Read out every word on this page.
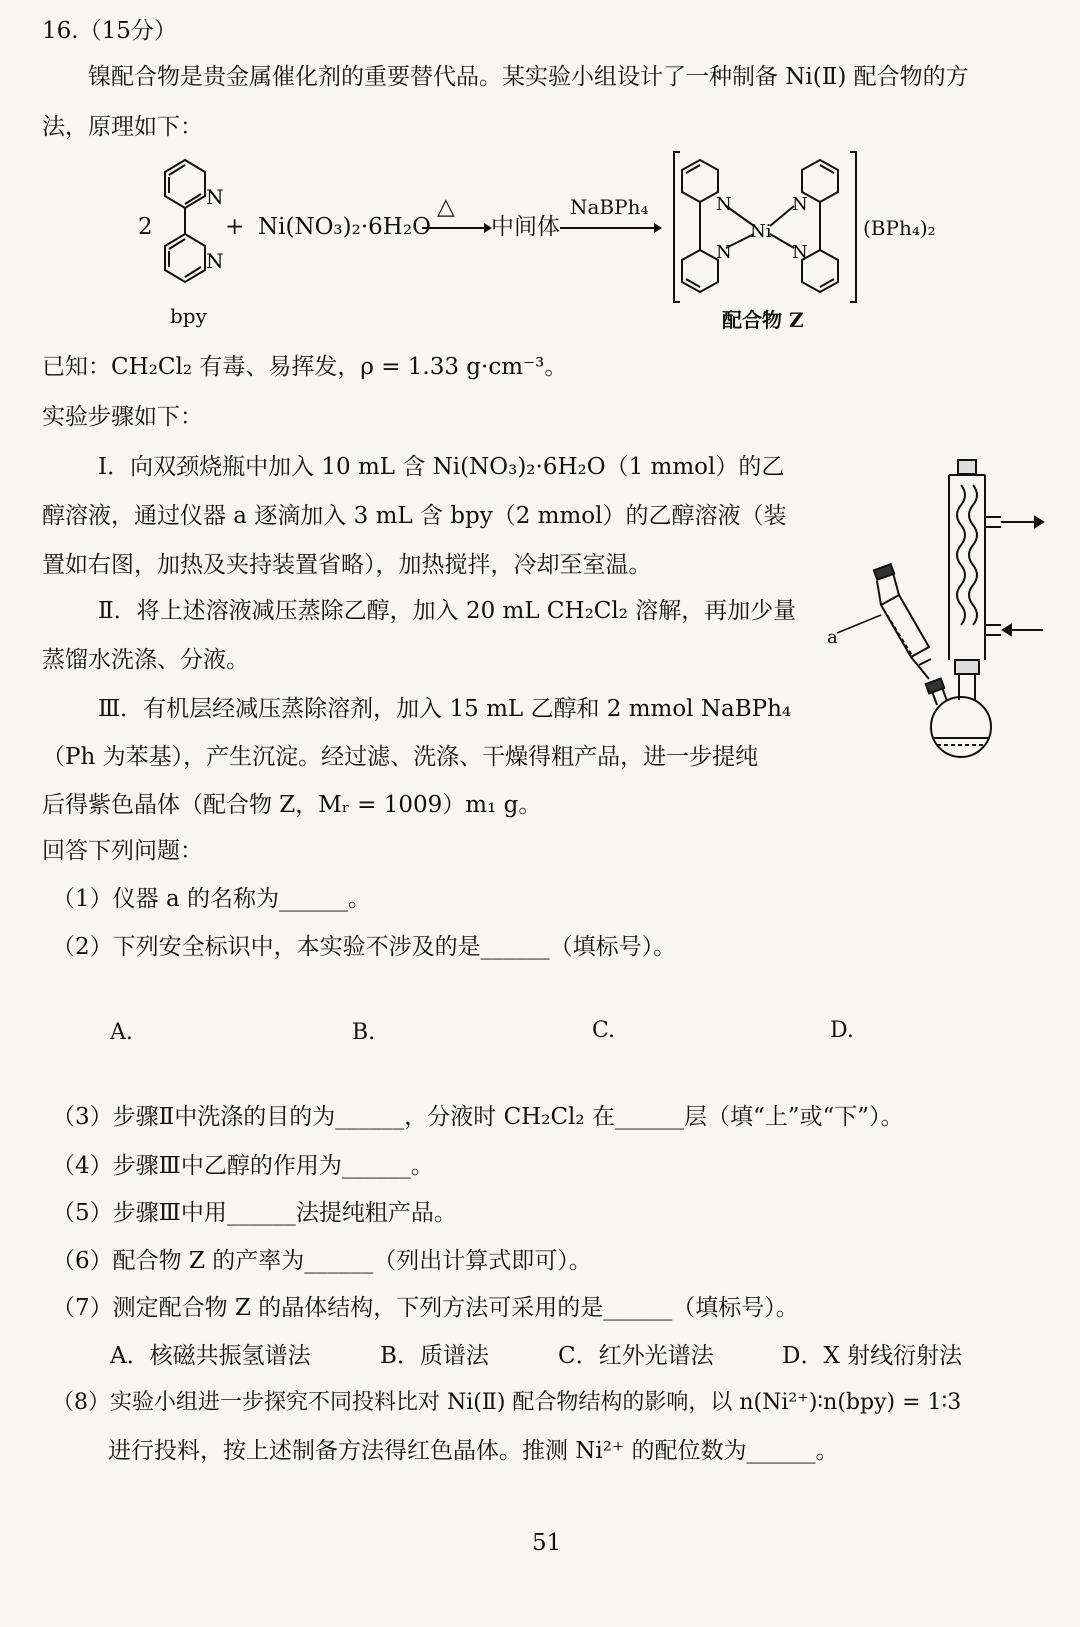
16.（15分）
镍配合物是贵金属催化剂的重要替代品。某实验小组设计了一种制备 Ni(Ⅱ) 配合物的方
法，原理如下：
2
N
N
bpy
+ Ni(NO₃)₂·6H₂O
△
中间体
NaBPh₄	N
N
N
N
Ni	(BPh₄)₂
配合物 Z
已知：CH₂Cl₂ 有毒、易挥发，ρ = 1.33 g·cm⁻³。
实验步骤如下：
Ⅰ．向双颈烧瓶中加入 10 mL 含 Ni(NO₃)₂·6H₂O（1 mmol）的乙
醇溶液，通过仪器 a 逐滴加入 3 mL 含 bpy（2 mmol）的乙醇溶液（装
置如右图，加热及夹持装置省略），加热搅拌，冷却至室温。
Ⅱ．将上述溶液减压蒸除乙醇，加入 20 mL CH₂Cl₂ 溶解，再加少量
蒸馏水洗涤、分液。
Ⅲ．有机层经减压蒸除溶剂，加入 15 mL 乙醇和 2 mmol NaBPh₄
（Ph 为苯基），产生沉淀。经过滤、洗涤、干燥得粗产品，进一步提纯
后得紫色晶体（配合物 Z，Mᵣ = 1009）m₁ g。
a
回答下列问题：
（1）仪器 a 的名称为______。
（2）下列安全标识中，本实验不涉及的是______（填标号）。
A.	B.	C.	D.
（3）步骤Ⅱ中洗涤的目的为______，分液时 CH₂Cl₂ 在______层（填“上”或“下”）。
（4）步骤Ⅲ中乙醇的作用为______。
（5）步骤Ⅲ中用______法提纯粗产品。
（6）配合物 Z 的产率为______（列出计算式即可）。
（7）测定配合物 Z 的晶体结构，下列方法可采用的是______（填标号）。
A．核磁共振氢谱法	B．质谱法	C．红外光谱法	D．X 射线衍射法
（8）实验小组进一步探究不同投料比对 Ni(Ⅱ) 配合物结构的影响，以 n(Ni²⁺)∶n(bpy) = 1∶3
进行投料，按上述制备方法得红色晶体。推测 Ni²⁺ 的配位数为______。
51
